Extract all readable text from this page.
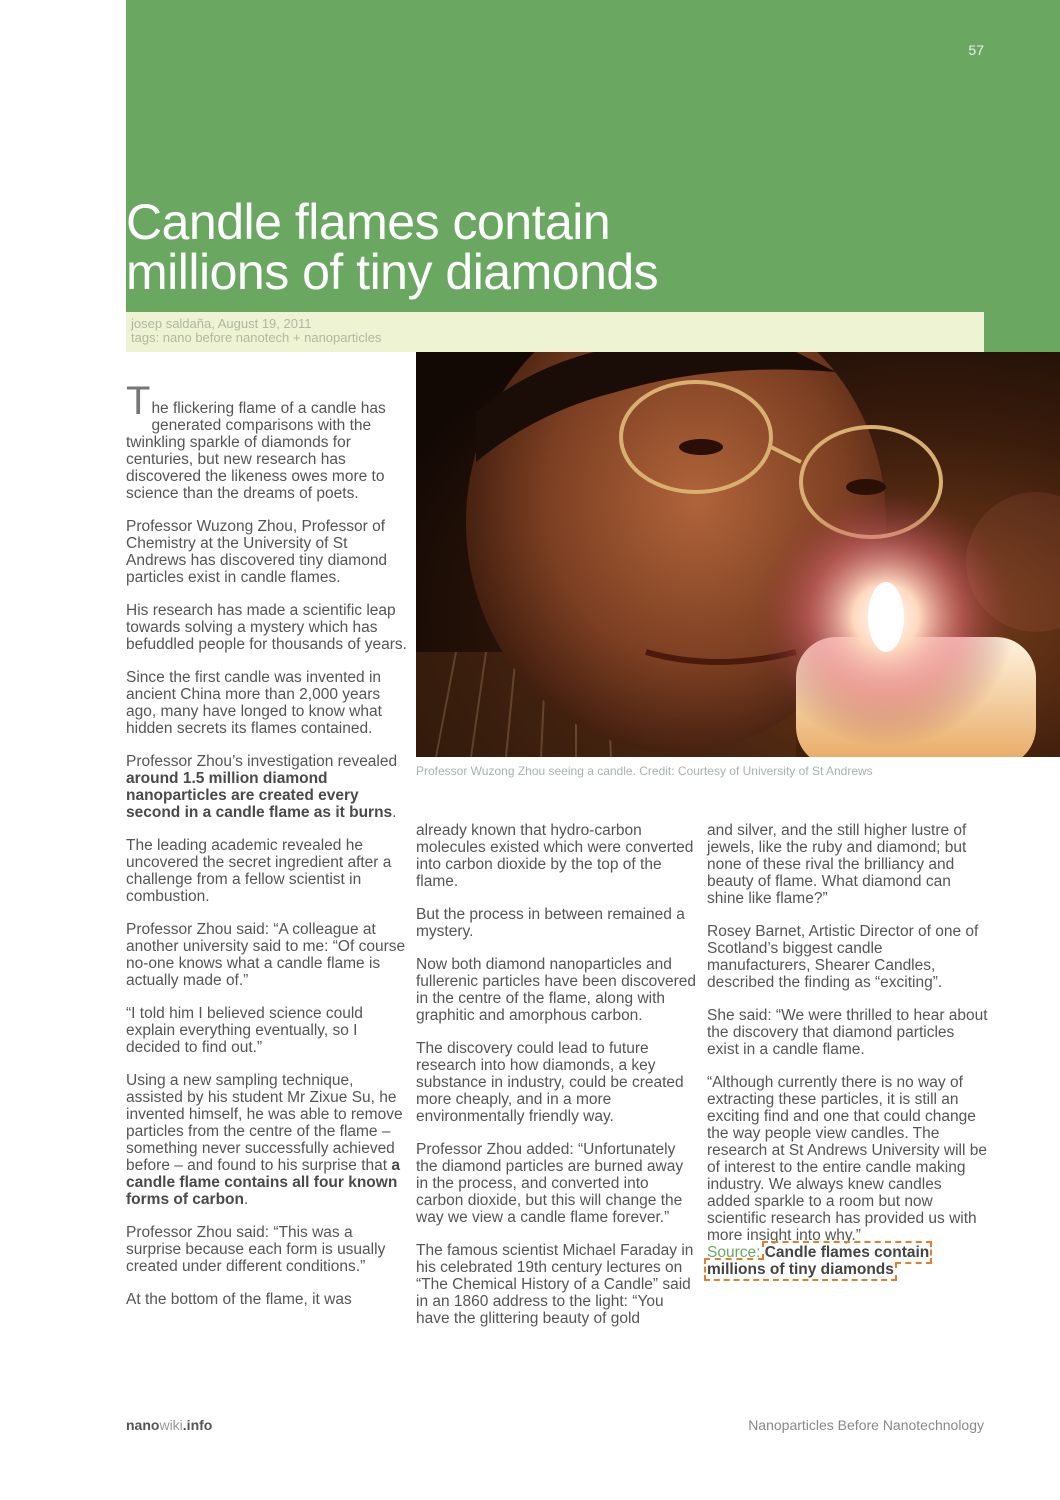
57
Candle flames contain
millions of tiny diamonds
josep saldaña, August 19, 2011
tags: nano before nanotech + nanoparticles
Professor Wuzong Zhou seeing a candle. Credit: Courtesy of University of St Andrews

T he flickering flame of a candle has generated comparisons with the twinkling sparkle of diamonds for centuries, but new research has discovered the likeness owes more to science than the dreams of poets.

Professor Wuzong Zhou, Professor of Chemistry at the University of St Andrews has discovered tiny diamond particles exist in candle flames.

His research has made a scientific leap towards solving a mystery which has befuddled people for thousands of years.

Since the first candle was invented in ancient China more than 2,000 years ago, many have longed to know what hidden secrets its flames contained.

Professor Zhou’s investigation revealed around 1.5 million diamond nanoparticles are created every second in a candle flame as it burns.

The leading academic revealed he uncovered the secret ingredient after a challenge from a fellow scientist in combustion.

Professor Zhou said: “A colleague at another university said to me: “Of course no-one knows what a candle flame is actually made of.”

“I told him I believed science could explain everything eventually, so I decided to find out.”

Using a new sampling technique, assisted by his student Mr Zixue Su, he invented himself, he was able to remove particles from the centre of the flame – something never successfully achieved before – and found to his surprise that a candle flame contains all four known forms of carbon.

Professor Zhou said: “This was a surprise because each form is usually created under different conditions.”

At the bottom of the flame, it was

already known that hydro-carbon molecules existed which were converted into carbon dioxide by the top of the flame.

But the process in between remained a mystery.

Now both diamond nanoparticles and fullerenic particles have been discovered in the centre of the flame, along with graphitic and amorphous carbon.

The discovery could lead to future research into how diamonds, a key substance in industry, could be created more cheaply, and in a more environmentally friendly way.

Professor Zhou added: “Unfortunately the diamond particles are burned away in the process, and converted into carbon dioxide, but this will change the way we view a candle flame forever.”

The famous scientist Michael Faraday in his celebrated 19th century lectures on “The Chemical History of a Candle” said in an 1860 address to the light: “You have the glittering beauty of gold

and silver, and the still higher lustre of jewels, like the ruby and diamond; but none of these rival the brilliancy and beauty of flame. What diamond can shine like flame?”

Rosey Barnet, Artistic Director of one of Scotland’s biggest candle manufacturers, Shearer Candles, described the finding as “exciting”.

She said: “We were thrilled to hear about the discovery that diamond particles exist in a candle flame.

“Although currently there is no way of extracting these particles, it is still an exciting find and one that could change the way people view candles. The research at St Andrews University will be of interest to the entire candle making industry. We always knew candles added sparkle to a room but now scientific research has provided us with more insight into why.”
Source: Candle flames contain millions of tiny diamonds

nanowiki.info	Nanoparticles Before Nanotechnology
